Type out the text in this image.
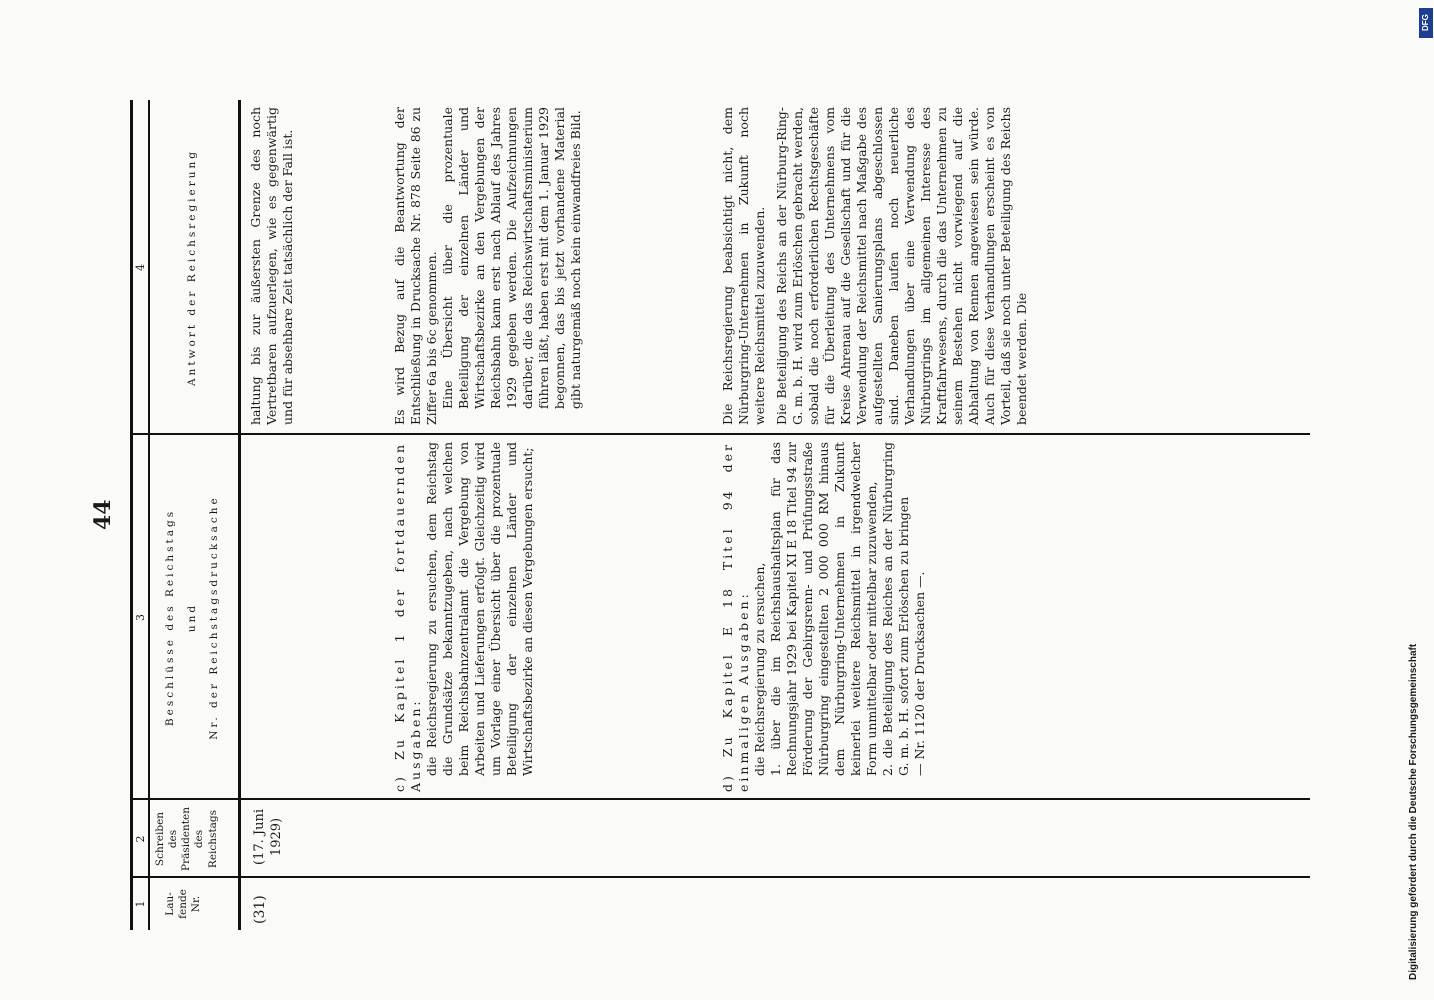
DFG
Digitalisierung gefördert durch die Deutsche Forschungsgemeinschaft
44
1
2
3
4
Lau-
fende
Nr.
Schreiben
des
Präsidenten
des
Reichstags
Beschlüsse des Reichstags und Nr. der Reichstagsdrucksache
Antwort der Reichsregierung
(31)
(17. Juni
1929)
haltung bis zur äußersten Grenze des noch Vertretbaren aufzuerlegen, wie es gegenwärtig und für absehbare Zeit tatsächlich der Fall ist.

c) Zu Kapitel 1 der fortdauernden Ausgaben: die Reichsregierung zu ersuchen, dem Reichstag die Grundsätze bekanntzugeben, nach welchen beim Reichsbahnzentralamt die Vergebung von Arbeiten und Lieferungen erfolgt. Gleichzeitig wird um Vorlage einer Übersicht über die prozentuale Beteiligung der einzelnen Länder und Wirtschaftsbezirke an diesen Vergebungen ersucht;

Es wird Bezug auf die Beantwortung der Entschließung in Drucksache Nr. 878 Seite 86 zu Ziffer 6a bis 6c genommen. Eine Übersicht über die prozentuale Beteiligung der einzelnen Länder und Wirtschaftsbezirke an den Vergebungen der Reichsbahn kann erst nach Ablauf des Jahres 1929 gegeben werden. Die Aufzeichnungen darüber, die das Reichswirtschaftsministerium führen läßt, haben erst mit dem 1. Januar 1929 begonnen, das bis jetzt vorhandene Material gibt naturgemäß noch kein einwandfreies Bild.

d) Zu Kapitel E 18 Titel 94 der einmaligen Ausgaben: die Reichsregierung zu ersuchen, 1. über die im Reichshaushaltsplan für das Rechnungsjahr 1929 bei Kapitel XI E 18 Titel 94 zur Förderung der Gebirgsrenn- und Prüfungsstraße Nürburgring eingestellten 2 000 000 RM hinaus dem Nürburgring-Unternehmen in Zukunft keinerlei weitere Reichsmittel in irgendwelcher Form unmittelbar oder mittelbar zuzuwenden, 2. die Beteiligung des Reiches an der Nürburgring G. m. b. H. sofort zum Erlöschen zu bringen — Nr. 1120 der Drucksachen —.

Die Reichsregierung beabsichtigt nicht, dem Nürburgring-Unternehmen in Zukunft noch weitere Reichsmittel zuzuwenden. Die Beteiligung des Reichs an der Nürburg-Ring-G. m. b. H. wird zum Erlöschen gebracht werden, sobald die noch erforderlichen Rechtsgeschäfte für die Überleitung des Unternehmens vom Kreise Ahrenau auf die Gesellschaft und für die Verwendung der Reichsmittel nach Maßgabe des aufgestellten Sanierungsplans abgeschlossen sind. Daneben laufen noch neuerliche Verhandlungen über eine Verwendung des Nürburgrings im allgemeinen Interesse des Kraftfahrwesens, durch die das Unternehmen zu seinem Bestehen nicht vorwiegend auf die Abhaltung von Rennen angewiesen sein würde. Auch für diese Verhandlungen erscheint es von Vorteil, daß sie noch unter Beteiligung des Reichs beendet werden. Die
